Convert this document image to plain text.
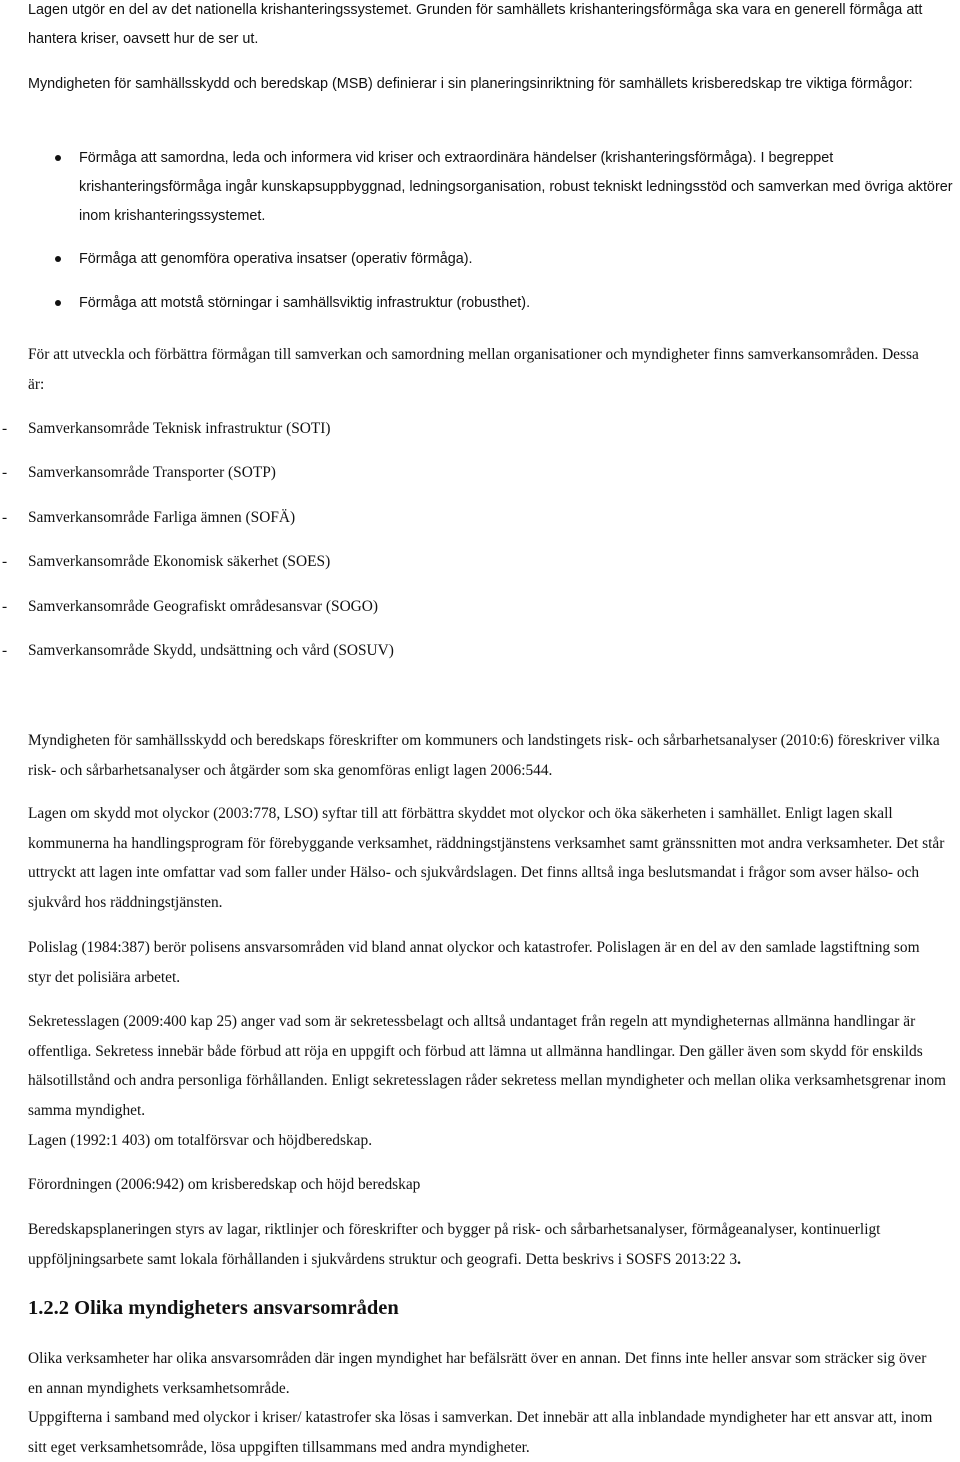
Lagen utgör en del av det nationella krishanteringssystemet. Grunden för samhällets krishanteringsförmåga ska vara en generell förmåga att hantera kriser, oavsett hur de ser ut.

Myndigheten för samhällsskydd och beredskap (MSB) definierar i sin planeringsinriktning för samhällets krisberedskap tre viktiga förmågor:

Förmåga att samordna, leda och informera vid kriser och extraordinära händelser (krishanteringsförmåga). I begreppet krishanteringsförmåga ingår kunskapsuppbyggnad, ledningsorganisation, robust tekniskt ledningsstöd och samverkan med övriga aktörer inom krishanteringssystemet.
Förmåga att genomföra operativa insatser (operativ förmåga).
Förmåga att motstå störningar i samhällsviktig infrastruktur (robusthet).

För att utveckla och förbättra förmågan till samverkan och samordning mellan organisationer och myndigheter finns samverkansområden. Dessa är:

- Samverkansområde Teknisk infrastruktur (SOTI)
- Samverkansområde Transporter (SOTP)
- Samverkansområde Farliga ämnen (SOFÄ)
- Samverkansområde Ekonomisk säkerhet (SOES)
- Samverkansområde Geografiskt områdesansvar (SOGO)
- Samverkansområde Skydd, undsättning och vård (SOSUV)

Myndigheten för samhällsskydd och beredskaps föreskrifter om kommuners och landstingets risk- och sårbarhetsanalyser (2010:6) föreskriver vilka risk- och sårbarhetsanalyser och åtgärder som ska genomföras enligt lagen 2006:544.

Lagen om skydd mot olyckor (2003:778, LSO) syftar till att förbättra skyddet mot olyckor och öka säkerheten i samhället. Enligt lagen skall kommunerna ha handlingsprogram för förebyggande verksamhet, räddningstjänstens verksamhet samt gränssnitten mot andra verksamheter. Det står uttryckt att lagen inte omfattar vad som faller under Hälso- och sjukvårdslagen. Det finns alltså inga beslutsmandat i frågor som avser hälso- och sjukvård hos räddningstjänsten.

Polislag (1984:387) berör polisens ansvarsområden vid bland annat olyckor och katastrofer. Polislagen är en del av den samlade lagstiftning som styr det polisiära arbetet.

Sekretesslagen (2009:400 kap 25) anger vad som är sekretessbelagt och alltså undantaget från regeln att myndigheternas allmänna handlingar är offentliga. Sekretess innebär både förbud att röja en uppgift och förbud att lämna ut allmänna handlingar. Den gäller även som skydd för enskilds hälsotillstånd och andra personliga förhållanden. Enligt sekretesslagen råder sekretess mellan myndigheter och mellan olika verksamhetsgrenar inom samma myndighet.

Lagen (1992:1 403) om totalförsvar och höjdberedskap.

Förordningen (2006:942) om krisberedskap och höjd beredskap

Beredskapsplaneringen styrs av lagar, riktlinjer och föreskrifter och bygger på risk- och sårbarhetsanalyser, förmågeanalyser, kontinuerligt uppföljningsarbete samt lokala förhållanden i sjukvårdens struktur och geografi. Detta beskrivs i SOSFS 2013:22 3.

1.2.2 Olika myndigheters ansvarsområden

Olika verksamheter har olika ansvarsområden där ingen myndighet har befälsrätt över en annan. Det finns inte heller ansvar som sträcker sig över en annan myndighets verksamhetsområde.

Uppgifterna i samband med olyckor i kriser/ katastrofer ska lösas i samverkan. Det innebär att alla inblandade myndigheter har ett ansvar att, inom sitt eget verksamhetsområde, lösa uppgiften tillsammans med andra myndigheter.
